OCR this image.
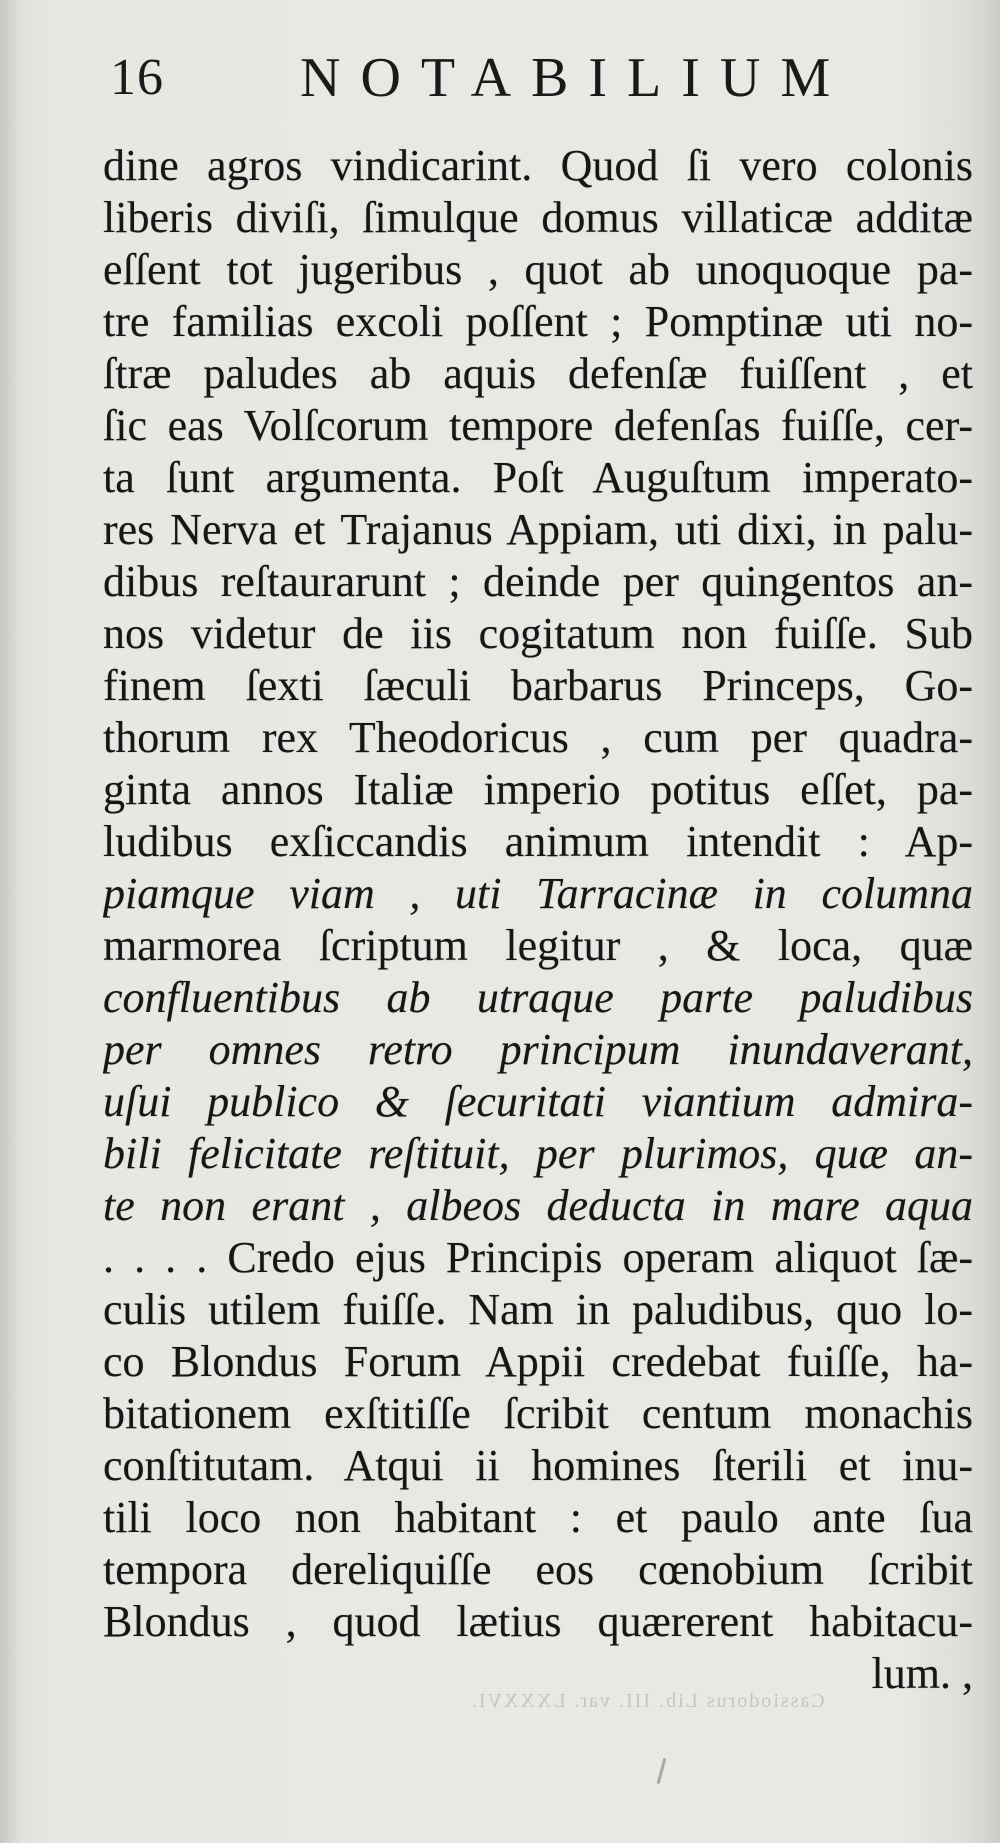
16 NOTABILIUM
dine agros vindicarint. Quod ſi vero colonis
liberis diviſi, ſimulque domus villaticæ additæ
eſſent tot jugeribus , quot ab unoquoque pa-
tre familias excoli poſſent ; Pomptinæ uti no-
ſtræ paludes ab aquis defenſæ fuiſſent , et
ſic eas Volſcorum tempore defenſas fuiſſe, cer-
ta ſunt argumenta. Poſt Auguſtum imperato-
res Nerva et Trajanus Appiam, uti dixi, in palu-
dibus reſtaurarunt ; deinde per quingentos an-
nos videtur de iis cogitatum non fuiſſe. Sub
finem ſexti ſæculi barbarus Princeps, Go-
thorum rex Theodoricus , cum per quadra-
ginta annos Italiæ imperio potitus eſſet, pa-
ludibus exſiccandis animum intendit : Ap-
piamque viam , uti Tarracinæ in columna
marmorea ſcriptum legitur , & loca, quæ
confluentibus ab utraque parte paludibus
per omnes retro principum inundaverant,
uſui publico & ſecuritati viantium admira-
bili felicitate reſtituit, per plurimos, quæ an-
te non erant , albeos deducta in mare aqua
. . . . Credo ejus Principis operam aliquot ſæ-
culis utilem fuiſſe. Nam in paludibus, quo lo-
co Blondus Forum Appii credebat fuiſſe, ha-
bitationem exſtitiſſe ſcribit centum monachis
conſtitutam. Atqui ii homines ſterili et inu-
tili loco non habitant : et paulo ante ſua
tempora dereliquiſſe eos cœnobium ſcribit
Blondus , quod lætius quærerent habitacu-
lum. ,
Cassiodorus Lib. III. var. LXXXVI.
